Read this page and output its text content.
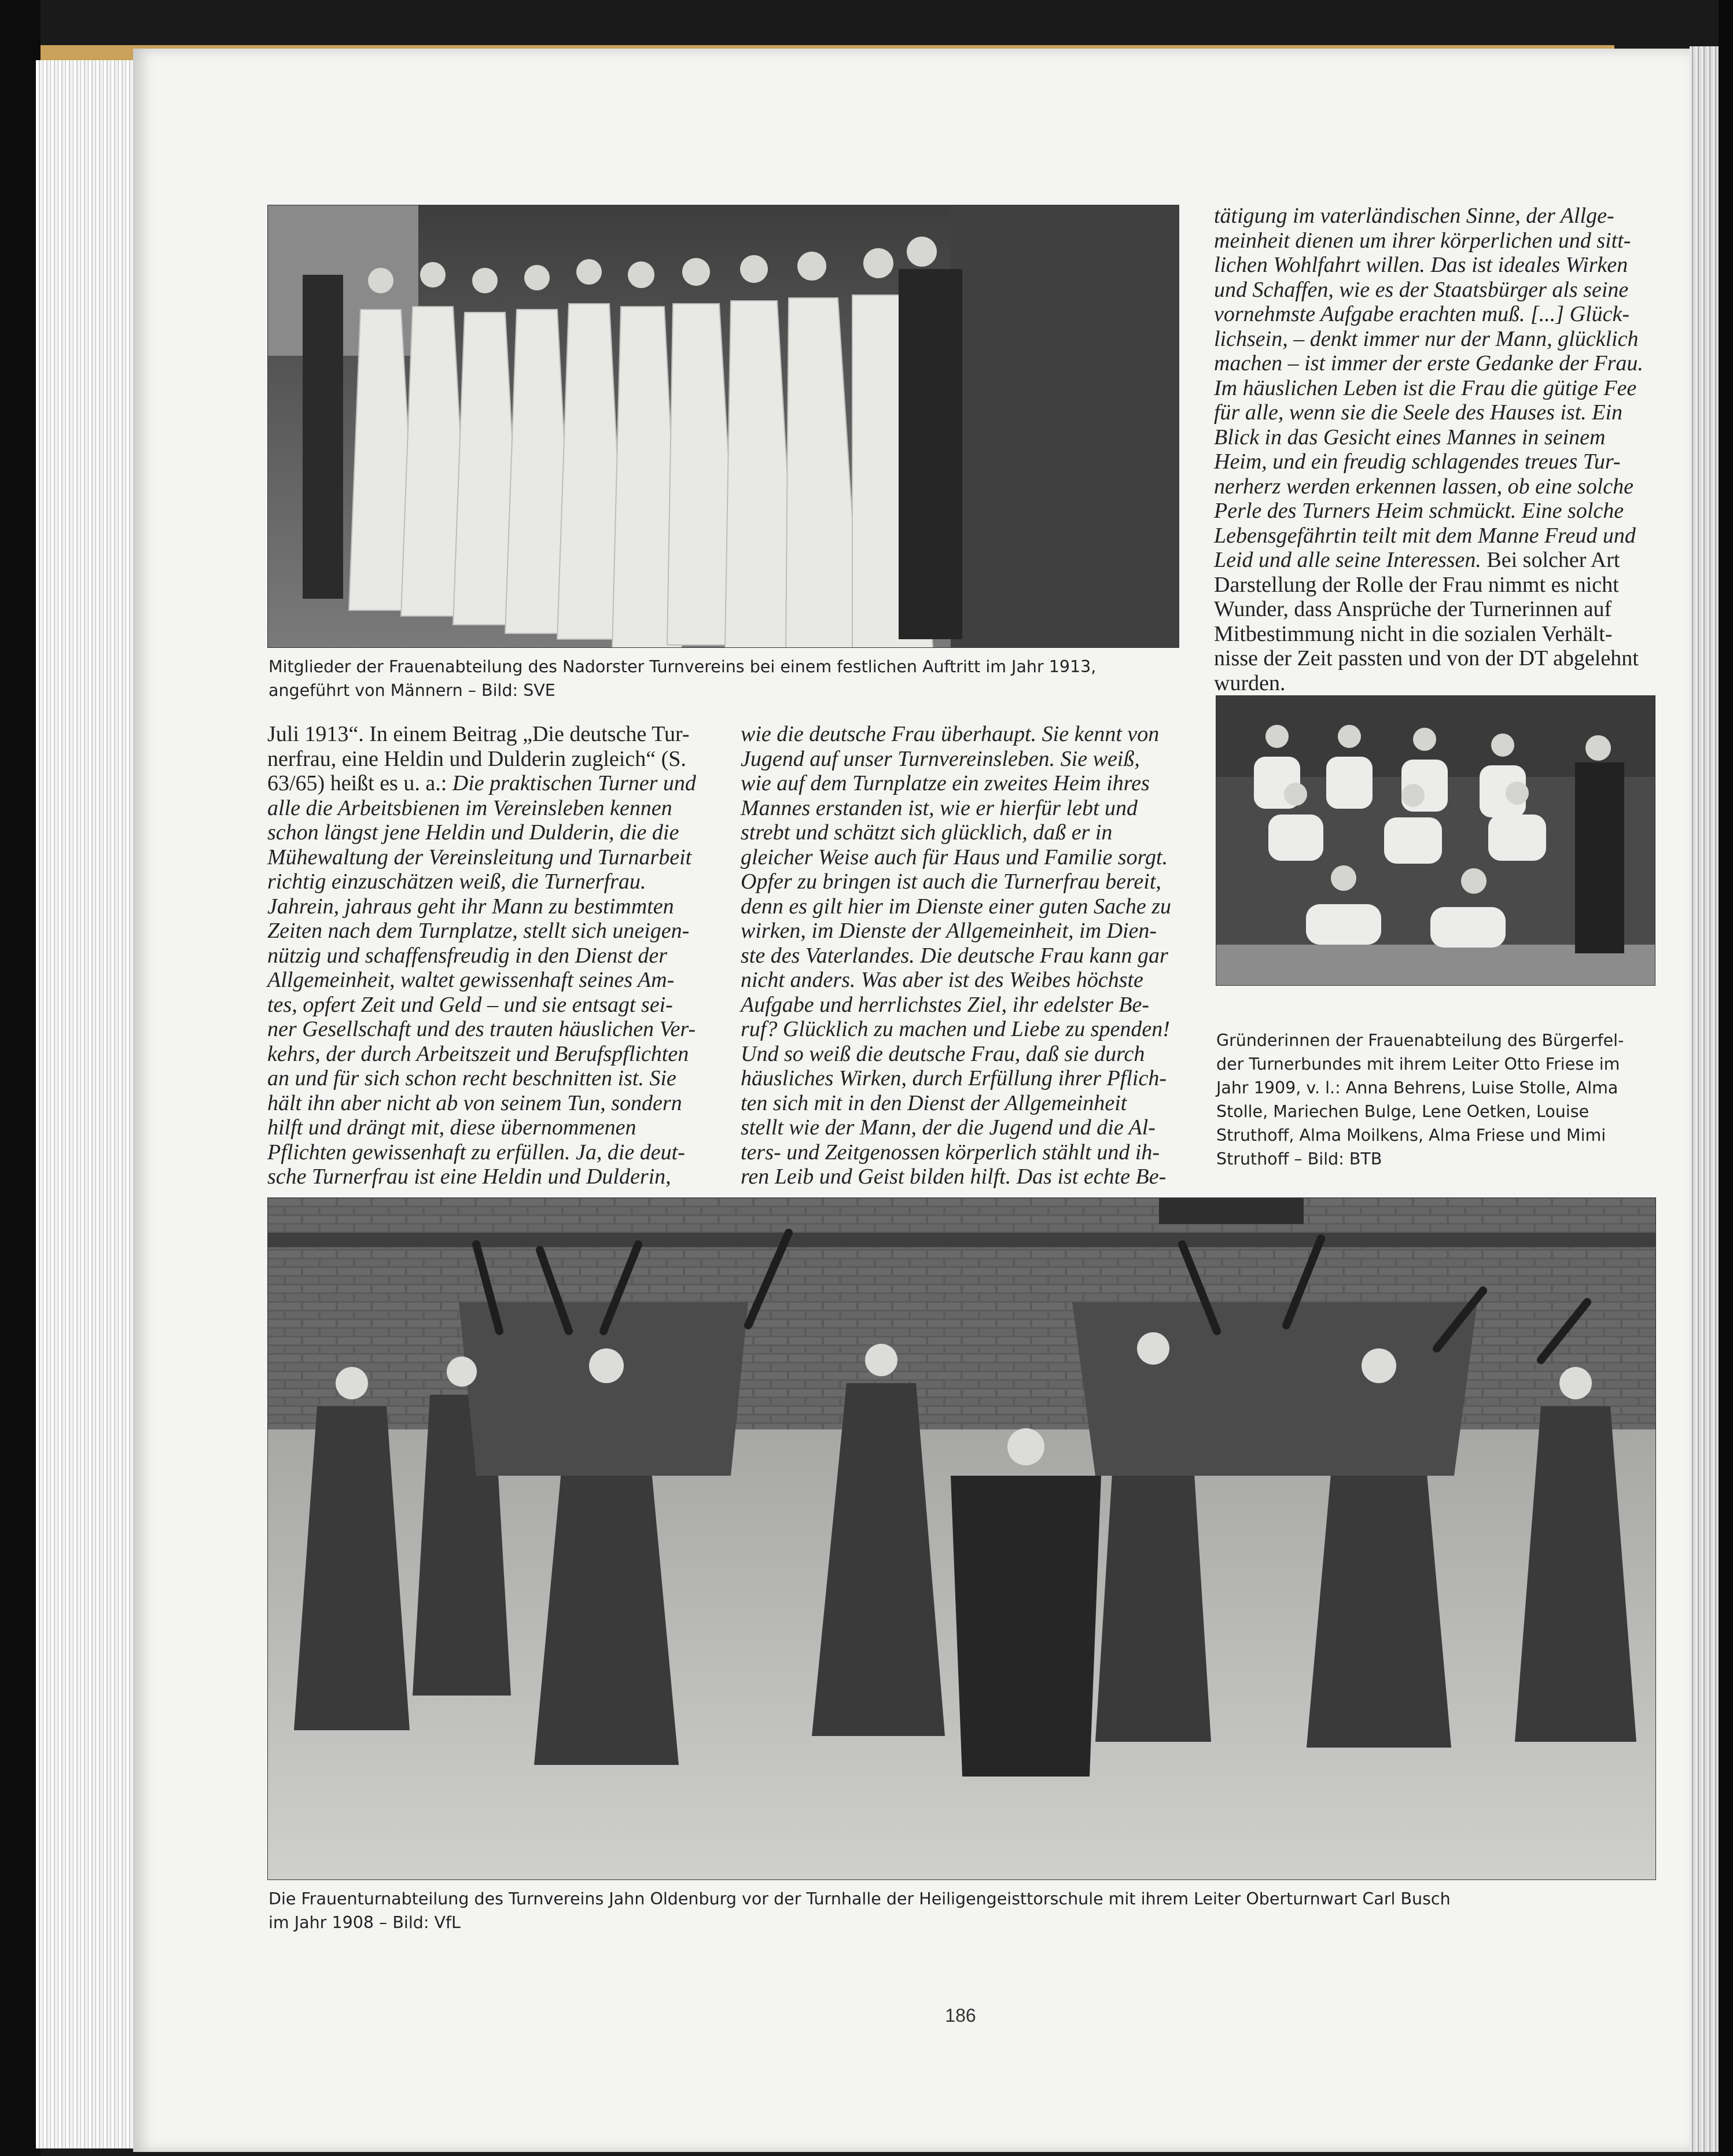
Mitglieder der Frauenabteilung des Nadorster Turnvereins bei einem festlichen Auftritt im Jahr 1913,
angeführt von Männern – Bild: SVE

Juli 1913“. In einem Beitrag „Die deutsche Tur-
nerfrau, eine Heldin und Dulderin zugleich“ (S.
63/65) heißt es u. a.: Die praktischen Turner und
alle die Arbeitsbienen im Vereinsleben kennen
schon längst jene Heldin und Dulderin, die die
Mühewaltung der Vereinsleitung und Turnarbeit
richtig einzuschätzen weiß, die Turnerfrau.
Jahrein, jahraus geht ihr Mann zu bestimmten
Zeiten nach dem Turnplatze, stellt sich uneigen-
nützig und schaffensfreudig in den Dienst der
Allgemeinheit, waltet gewissenhaft seines Am-
tes, opfert Zeit und Geld – und sie entsagt sei-
ner Gesellschaft und des trauten häuslichen Ver-
kehrs, der durch Arbeitszeit und Berufspflichten
an und für sich schon recht beschnitten ist. Sie
hält ihn aber nicht ab von seinem Tun, sondern
hilft und drängt mit, diese übernommenen
Pflichten gewissenhaft zu erfüllen. Ja, die deut-
sche Turnerfrau ist eine Heldin und Dulderin,

wie die deutsche Frau überhaupt. Sie kennt von
Jugend auf unser Turnvereinsleben. Sie weiß,
wie auf dem Turnplatze ein zweites Heim ihres
Mannes erstanden ist, wie er hierfür lebt und
strebt und schätzt sich glücklich, daß er in
gleicher Weise auch für Haus und Familie sorgt.
Opfer zu bringen ist auch die Turnerfrau bereit,
denn es gilt hier im Dienste einer guten Sache zu
wirken, im Dienste der Allgemeinheit, im Dien-
ste des Vaterlandes. Die deutsche Frau kann gar
nicht anders. Was aber ist des Weibes höchste
Aufgabe und herrlichstes Ziel, ihr edelster Be-
ruf? Glücklich zu machen und Liebe zu spenden!
Und so weiß die deutsche Frau, daß sie durch
häusliches Wirken, durch Erfüllung ihrer Pflich-
ten sich mit in den Dienst der Allgemeinheit
stellt wie der Mann, der die Jugend und die Al-
ters- und Zeitgenossen körperlich stählt und ih-
ren Leib und Geist bilden hilft. Das ist echte Be-

tätigung im vaterländischen Sinne, der Allge-
meinheit dienen um ihrer körperlichen und sitt-
lichen Wohlfahrt willen. Das ist ideales Wirken
und Schaffen, wie es der Staatsbürger als seine
vornehmste Aufgabe erachten muß. [...] Glück-
lichsein, – denkt immer nur der Mann, glücklich
machen – ist immer der erste Gedanke der Frau.
Im häuslichen Leben ist die Frau die gütige Fee
für alle, wenn sie die Seele des Hauses ist. Ein
Blick in das Gesicht eines Mannes in seinem
Heim, und ein freudig schlagendes treues Tur-
nerherz werden erkennen lassen, ob eine solche
Perle des Turners Heim schmückt. Eine solche
Lebensgefährtin teilt mit dem Manne Freud und
Leid und alle seine Interessen. Bei solcher Art
Darstellung der Rolle der Frau nimmt es nicht
Wunder, dass Ansprüche der Turnerinnen auf
Mitbestimmung nicht in die sozialen Verhält-
nisse der Zeit passten und von der DT abgelehnt
wurden.

Gründerinnen der Frauenabteilung des Bürgerfel-
der Turnerbundes mit ihrem Leiter Otto Friese im
Jahr 1909, v. l.: Anna Behrens, Luise Stolle, Alma
Stolle, Mariechen Bulge, Lene Oetken, Louise
Struthoff, Alma Moilkens, Alma Friese und Mimi
Struthoff – Bild: BTB

Die Frauenturnabteilung des Turnvereins Jahn Oldenburg vor der Turnhalle der Heiligengeisttorschule mit ihrem Leiter Oberturnwart Carl Busch
im Jahr 1908 – Bild: VfL

186
